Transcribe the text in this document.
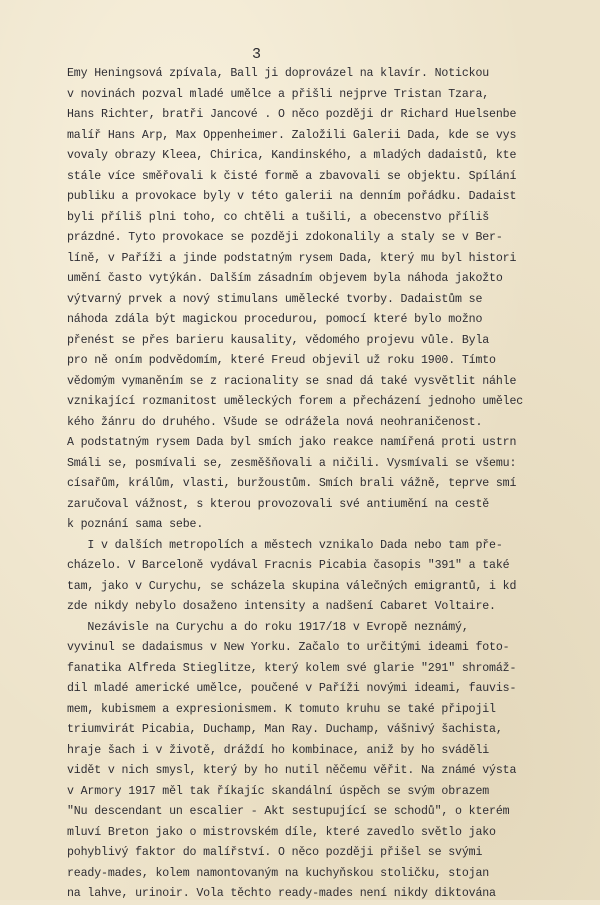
3
Emy Heningsová zpívala, Ball ji doprovázel na klavír. Notickou
v novinách pozval mladé umělce a přišli nejprve Tristan Tzara,
Hans Richter, bratři Jancové . O něco později dr Richard Huelsenbe
malíř Hans Arp, Max Oppenheimer. Založili Galerii Dada, kde se vys
vovaly obrazy Kleea, Chirica, Kandinského, a mladých dadaistů, kte
stále více směřovali k čisté formě a zbavovali se objektu. Spílání
publiku a provokace byly v této galerii na denním pořádku. Dadaist
byli příliš plni toho, co chtěli a tušili, a obecenstvo příliš
prázdné. Tyto provokace se později zdokonalily a staly se v Ber-
líně, v Paříži a jinde podstatným rysem Dada, který mu byl histori
umění často vytýkán. Dalším zásadním objevem byla náhoda jakožto
výtvarný prvek a nový stimulans umělecké tvorby. Dadaistům se
náhoda zdála být magickou procedurou, pomocí které bylo možno
přenést se přes barieru kausality, vědomého projevu vůle. Byla
pro ně oním podvědomím, které Freud objevil už roku 1900. Tímto
vědomým vymaněním se z racionality se snad dá také vysvětlit náhle
vznikající rozmanitost uměleckých forem a přecházení jednoho umělec
kého žánru do druhého. Všude se odrážela nová neohraničenost.
A podstatným rysem Dada byl smích jako reakce namířená proti ustrn
Smáli se, posmívali se, zesměšňovali a ničili. Vysmívali se všemu:
císařům, králům, vlasti, buržoustům. Smích brali vážně, teprve smí
zaručoval vážnost, s kterou provozovali své antiumění na cestě
k poznání sama sebe.
I v dalších metropolích a městech vznikalo Dada nebo tam pře-
cházelo. V Barceloně vydával Fracnis Picabia časopis "391" a také
tam, jako v Curychu, se scházela skupina válečných emigrantů, i kd
zde nikdy nebylo dosaženo intensity a nadšení Cabaret Voltaire.
Nezávisle na Curychu a do roku 1917/18 v Evropě neznámý,
vyvinul se dadaismus v New Yorku. Začalo to určitými ideami foto-
fanatika Alfreda Stieglitze, který kolem své glarie "291" shromáž-
dil mladé americké umělce, poučené v Paříži novými ideami, fauvis-
mem, kubismem a expresionismem. K tomuto kruhu se také připojil
triumvirát Picabia, Duchamp, Man Ray. Duchamp, vášnivý šachista,
hraje šach i v životě, dráždí ho kombinace, aniž by ho sváděli
vidět v nich smysl, který by ho nutil něčemu věřit. Na známé výsta
v Armory 1917 měl tak říkajíc skandální úspěch se svým obrazem
"Nu descendant un escalier - Akt sestupující se schodů", o kterém
mluví Breton jako o mistrovském díle, které zavedlo světlo jako
pohyblivý faktor do malířství. O něco později přišel se svými
ready-mades, kolem namontovaným na kuchyňskou stoličku, stojan
na lahve, urinoir. Vola těchto ready-mades není nikdy diktována
